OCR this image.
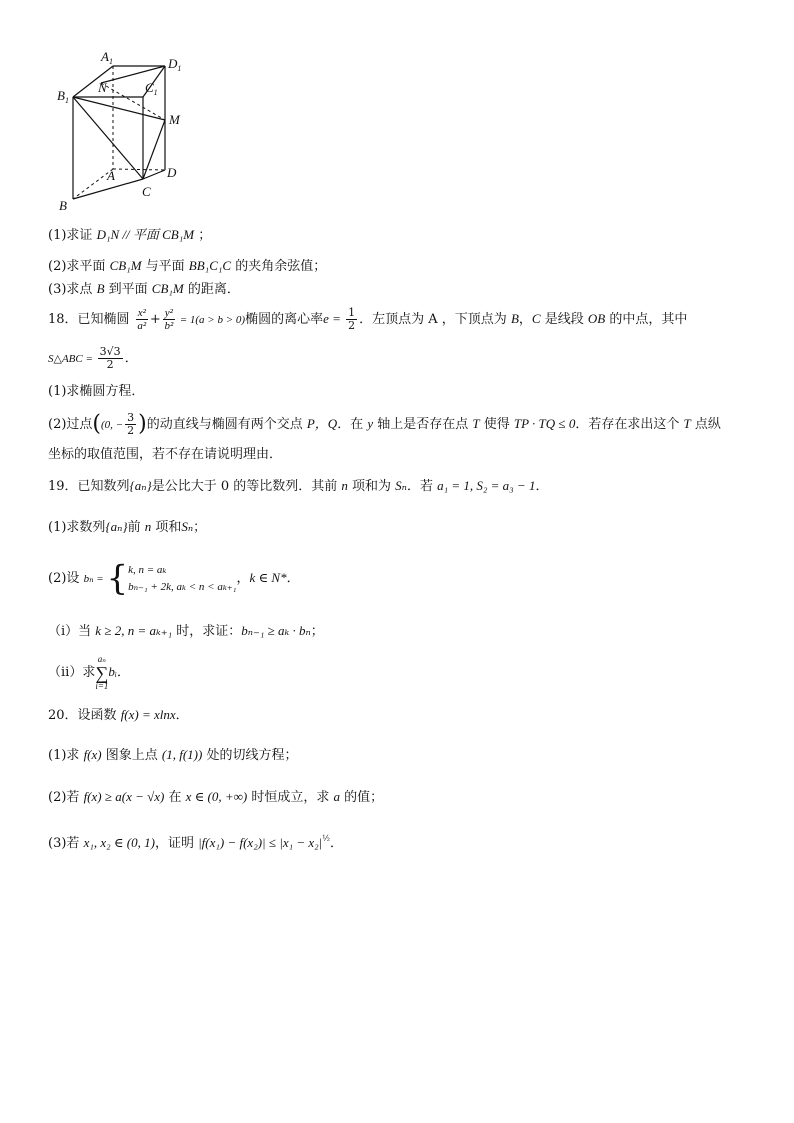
$A_1$	$D_1$
$B_1$
$C_1$
N
M
A	D
B
C
(1)求证 D₁N // 平面 CB₁M ；
(2)求平面 CB₁M 与平面 BB₁C₁C 的夹角余弦值；
(3)求点 B 到平面 CB₁M 的距离．
18．已知椭圆 $\frac{\text{x²}}{\text{a²}} + \frac{\text{y²}}{\text{b²}} = 1(a > b > 0)$椭圆的离心率$e = \frac{1}{2}$ ．左顶点为 A ，下顶点为 B，C 是线段 OB 的中点，其中
S△ABC = $\frac{3√3}{2}$ ．
(1)求椭圆方程．
(2)过点((0, − $\frac{3}{2}$ )的动直线与椭圆有两个交点 P，Q．在 y 轴上是否存在点 T 使得 TP · TQ ≤ 0．若存在求出这个 T 点纵
坐标的取值范围，若不存在请说明理由．
19．已知数列{aₙ}是公比大于 0 的等比数列．其前 n 项和为 Sₙ．若 a₁ = 1, S₂ = a₃ − 1．
(1)求数列{aₙ}前 n 项和Sₙ；
(2)设 bₙ = { k, n = aₖ
bₙ₋₁ + 2k, aₖ < n < aₖ₊₁
，k ∈ N*．
（ⅰ）当 k ≥ 2, n = aₖ₊₁ 时，求证：bₙ₋₁ ≥ aₖ · bₙ；
（ⅱ）求
aₙ
∑
i=1
bᵢ．
20．设函数 f(x) = xlnx．
(1)求 f(x) 图象上点 (1, f(1)) 处的切线方程；
(2)若 f(x) ≥ a(x − √x) 在 x ∈ (0, +∞) 时恒成立，求 a 的值；
(3)若 x₁, x₂ ∈ (0, 1)，证明 $|f(x_1) - f(x_2)| \le |x_1 - x_2|^{\frac{1}{2}}$．
